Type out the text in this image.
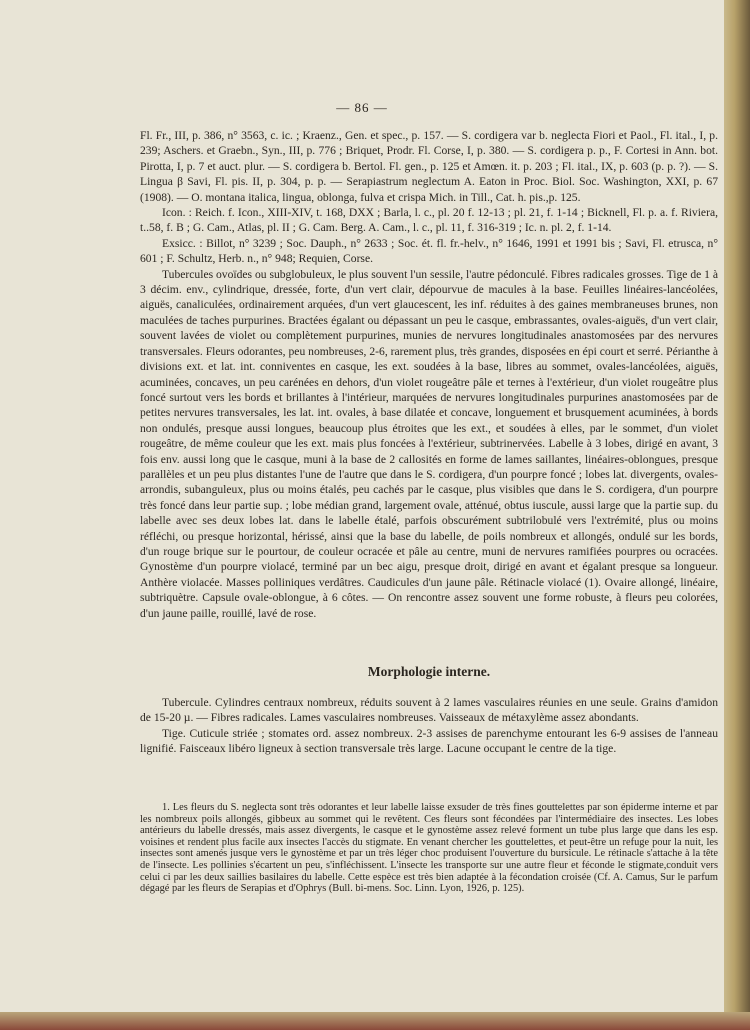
— 86 —

Fl. Fr., III, p. 386, n° 3563, c. ic. ; Kraenz., Gen. et spec., p. 157. — S. cordigera var b. neglecta Fiori et Paol., Fl. ital., I, p. 239; Aschers. et Graebn., Syn., III, p. 776 ; Briquet, Prodr. Fl. Corse, I, p. 380. — S. cordigera p. p., F. Cortesi in Ann. bot. Pirotta, I, p. 7 et auct. plur. — S. cordigera b. Bertol. Fl. gen., p. 125 et Amœn. it. p. 203 ; Fl. ital., IX, p. 603 (p. p. ?). — S. Lingua β Savi, Fl. pis. II, p. 304, p. p. — Serapiastrum neglectum A. Eaton in Proc. Biol. Soc. Washington, XXI, p. 67 (1908). — O. montana italica, lingua, oblonga, fulva et crispa Mich. in Till., Cat. h. pis.,p. 125.

Icon. : Reich. f. Icon., XIII-XIV, t. 168, DXX ; Barla, l. c., pl. 20 f. 12-13 ; pl. 21, f. 1-14 ; Bicknell, Fl. p. a. f. Riviera, t..58, f. B ; G. Cam., Atlas, pl. II ; G. Cam. Berg. A. Cam., l. c., pl. 11, f. 316-319 ; Ic. n. pl. 2, f. 1-14.

Exsicc. : Billot, n° 3239 ; Soc. Dauph., n° 2633 ; Soc. ét. fl. fr.-helv., n° 1646, 1991 et 1991 bis ; Savi, Fl. etrusca, n° 601 ; F. Schultz, Herb. n., n° 948; Requien, Corse.

Tubercules ovoïdes ou subglobuleux, le plus souvent l'un sessile, l'autre pédonculé. Fibres radicales grosses. Tige de 1 à 3 décim. env., cylindrique, dressée, forte, d'un vert clair, dépourvue de macules à la base. Feuilles linéaires-lancéolées, aiguës, canaliculées, ordinairement arquées, d'un vert glaucescent, les inf. réduites à des gaines membraneuses brunes, non maculées de taches purpurines. Bractées égalant ou dépassant un peu le casque, embrassantes, ovales-aiguës, d'un vert clair, souvent lavées de violet ou complètement purpurines, munies de nervures longitudinales anastomosées par des nervures transversales. Fleurs odorantes, peu nombreuses, 2-6, rarement plus, très grandes, disposées en épi court et serré. Périanthe à divisions ext. et lat. int. conniventes en casque, les ext. soudées à la base, libres au sommet, ovales-lancéolées, aiguës, acuminées, concaves, un peu carénées en dehors, d'un violet rougeâtre pâle et ternes à l'extérieur, d'un violet rougeâtre plus foncé surtout vers les bords et brillantes à l'intérieur, marquées de nervures longitudinales purpurines anastomosées par de petites nervures transversales, les lat. int. ovales, à base dilatée et concave, longuement et brusquement acuminées, à bords non ondulés, presque aussi longues, beaucoup plus étroites que les ext., et soudées à elles, par le sommet, d'un violet rougeâtre, de même couleur que les ext. mais plus foncées à l'extérieur, subtrinervées. Labelle à 3 lobes, dirigé en avant, 3 fois env. aussi long que le casque, muni à la base de 2 callosités en forme de lames saillantes, linéaires-oblongues, presque parallèles et un peu plus distantes l'une de l'autre que dans le S. cordigera, d'un pourpre foncé ; lobes lat. divergents, ovales-arrondis, subanguleux, plus ou moins étalés, peu cachés par le casque, plus visibles que dans le S. cordigera, d'un pourpre très foncé dans leur partie sup. ; lobe médian grand, largement ovale, atténué, obtus iuscule, aussi large que la partie sup. du labelle avec ses deux lobes lat. dans le labelle étalé, parfois obscurément subtrilobulé vers l'extrémité, plus ou moins réfléchi, ou presque horizontal, hérissé, ainsi que la base du labelle, de poils nombreux et allongés, ondulé sur les bords, d'un rouge brique sur le pourtour, de couleur ocracée et pâle au centre, muni de nervures ramifiées pourpres ou ocracées. Gynostème d'un pourpre violacé, terminé par un bec aigu, presque droit, dirigé en avant et égalant presque sa longueur. Anthère violacée. Masses polliniques verdâtres. Caudicules d'un jaune pâle. Rétinacle violacé (1). Ovaire allongé, linéaire, subtriquètre. Capsule ovale-oblongue, à 6 côtes. — On rencontre assez souvent une forme robuste, à fleurs peu colorées, d'un jaune paille, rouillé, lavé de rose.

Morphologie interne.

Tubercule. Cylindres centraux nombreux, réduits souvent à 2 lames vasculaires réunies en une seule. Grains d'amidon de 15-20 µ. — Fibres radicales. Lames vasculaires nombreuses. Vaisseaux de métaxylème assez abondants.

Tige. Cuticule striée ; stomates ord. assez nombreux. 2-3 assises de parenchyme entourant les 6-9 assises de l'anneau lignifié. Faisceaux libéro ligneux à section transversale très large. Lacune occupant le centre de la tige.

1. Les fleurs du S. neglecta sont très odorantes et leur labelle laisse exsuder de très fines gouttelettes par son épiderme interne et par les nombreux poils allongés, gibbeux au sommet qui le revêtent. Ces fleurs sont fécondées par l'intermédiaire des insectes. Les lobes antérieurs du labelle dressés, mais assez divergents, le casque et le gynostème assez relevé forment un tube plus large que dans les esp. voisines et rendent plus facile aux insectes l'accès du stigmate. En venant chercher les gouttelettes, et peut-être un refuge pour la nuit, les insectes sont amenés jusque vers le gynostème et par un très léger choc produisent l'ouverture du bursicule. Le rétinacle s'attache à la tête de l'insecte. Les pollinies s'écartent un peu, s'infléchissent. L'insecte les transporte sur une autre fleur et féconde le stigmate,conduit vers celui ci par les deux saillies basilaires du labelle. Cette espèce est très bien adaptée à la fécondation croisée (Cf. A. Camus, Sur le parfum dégagé par les fleurs de Serapias et d'Ophrys (Bull. bi-mens. Soc. Linn. Lyon, 1926, p. 125).
